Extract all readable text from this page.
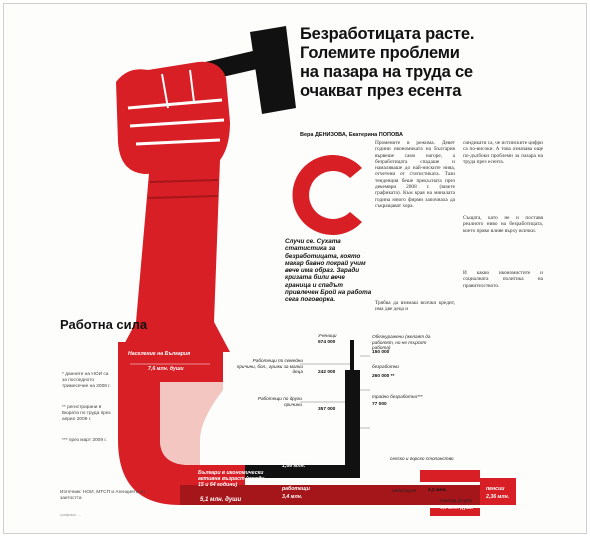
Безработицата расте.
Големите проблеми
на пазара на труда се
очакват през есента
Вера ДЕНИЗОВА, Екатерина ПОПОВА
Случи се. Сухата статистика за безработицата, която макар бавно покрай учим вече има образ. Заради кризата били вече граница и спадът привлечен Брой на работа сега поговорка.
Промените в режима. Девет години икономиката на България вървеше само нагоре, а безработицата спадаше и намаляваше до най-ниските нива, отчетени от статистиката. Тази тенденция беше прекъсната през декември 2008 г. (вижте графиката). Към края на миналата година много фирми започнаха да съкращават хора.
Трябва да взимаш всички кредит, има две деца и
синдикати са, че истинските цифри са по-високи. А това означава още по-дълбоки проблеми за пазара на труда през есента.
Същата, като не и поставя реалното ниво на безработицата, което пряко влияе върху всички.
И какво икономистите и социалната политика на правителството.
Работна сила
Население на България
7,6 млн. души
Българи в икономически активна възраст (между 15 и 64 години)
5,1 млн. души
работещи
3,4 млн.
безработни
1,66 млн.
Работещи по семейни причини, бол., грижи за малки деца	242 000
Работещи по други причини
357 000
Обезкуражени (желаят да работят, но не търсят работа)
150 000
безработни
260 000 **
трайно безработни***
77 000
Ученици
574 000
селско и горско стопанство
индустрия	1,2 млн.
сектор услуги
1,9 млн. души
пенсии
2,36 млн.
* данните на НОИ са за последното тримесечие на 2008 г.
** регистрирани в Бюрата по труда през април 2009 г.
*** през март 2009 г.
Източник: НОИ, МТСП и Агенцията по заетостта
графика: ...
